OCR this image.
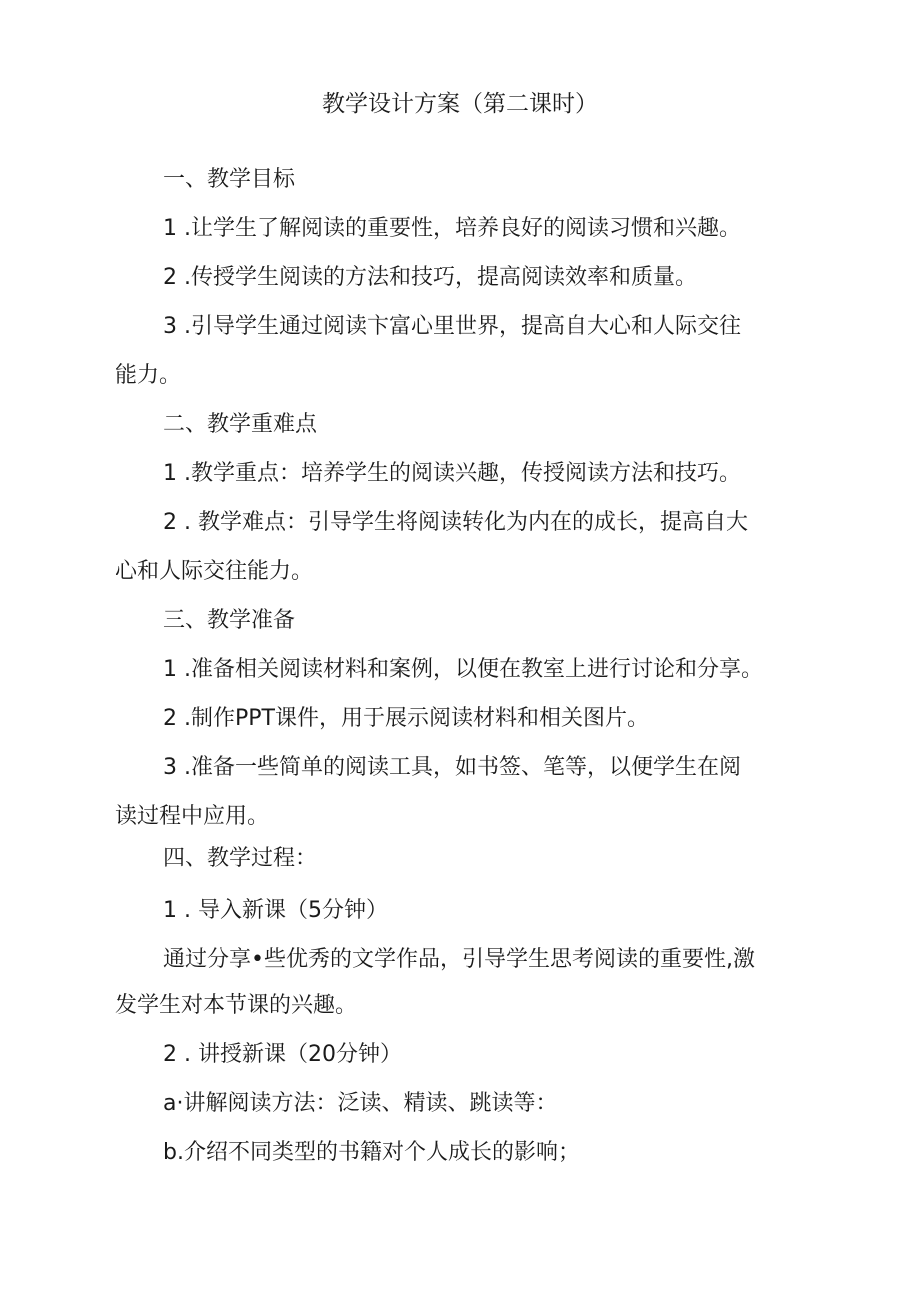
教学设计方案（第二课时）
一、教学目标
1 .让学生了解阅读的重要性，培养良好的阅读习惯和兴趣。
2 .传授学生阅读的方法和技巧，提高阅读效率和质量。
3 .引导学生通过阅读卞富心里世界，提高自大心和人际交往
能力。
二、教学重难点
1 .教学重点：培养学生的阅读兴趣，传授阅读方法和技巧。
2 . 教学难点：引导学生将阅读转化为内在的成长，提高自大
心和人际交往能力。
三、教学准备
1 .准备相关阅读材料和案例，以便在教室上进行讨论和分享。
2 .制作PPT课件，用于展示阅读材料和相关图片。
3 .准备一些简单的阅读工具，如书签、笔等，以便学生在阅
读过程中应用。
四、教学过程：
1 . 导入新课（5分钟）
通过分享•些优秀的文学作品，引导学生思考阅读的重要性,激
发学生对本节课的兴趣。
2 . 讲授新课（20分钟）
a·讲解阅读方法：泛读、精读、跳读等：
b.介绍不同类型的书籍对个人成长的影响；
